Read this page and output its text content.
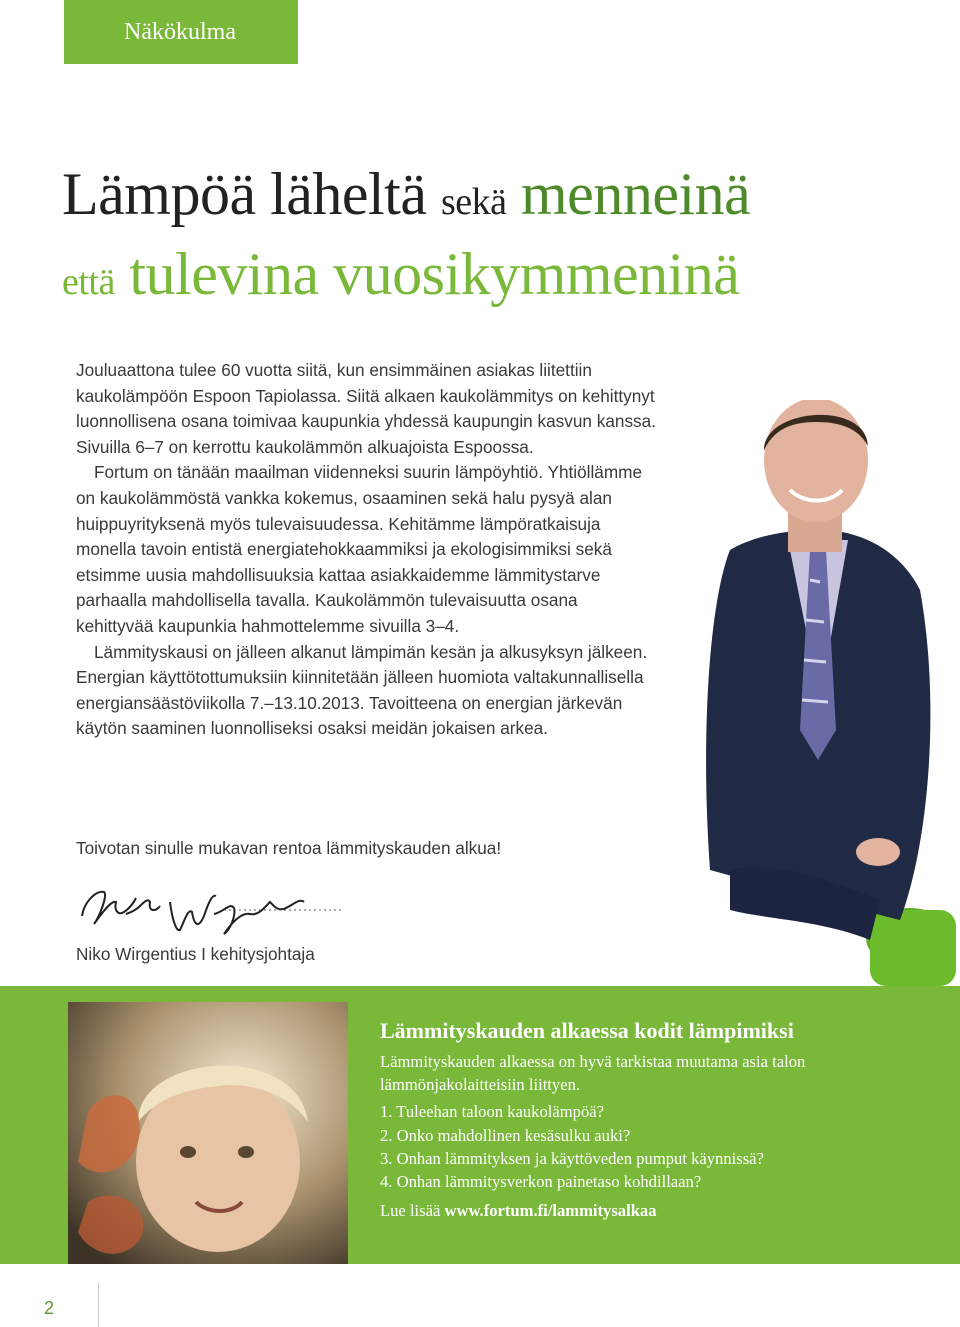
Näkökulma
Lämpöä läheltä sekä menneinä
että tulevina vuosikymmeninä

Jouluaattona tulee 60 vuotta siitä, kun ensimmäinen asiakas liitettiin kaukolämpöön Espoon Tapiolassa. Siitä alkaen kaukolämmitys on kehittynyt luonnollisena osana toimivaa kaupunkia yhdessä kaupungin kasvun kanssa. Sivuilla 6–7 on kerrottu kaukolämmön alkuajoista Espoossa.

Fortum on tänään maailman viidenneksi suurin lämpöyhtiö. Yhtiöllämme on kaukolämmöstä vankka kokemus, osaaminen sekä halu pysyä alan huippuyrityksenä myös tulevaisuudessa. Kehitämme lämpöratkaisuja monella tavoin entistä energiatehokkaammiksi ja ekologisimmiksi sekä etsimme uusia mahdollisuuksia kattaa asiakkaidemme lämmitystarve parhaalla mahdollisella tavalla. Kaukolämmön tulevaisuutta osana kehittyvää kaupunkia hahmottelemme sivuilla 3–4.

Lämmityskausi on jälleen alkanut lämpimän kesän ja alkusyksyn jälkeen. Energian käyttötottumuksiin kiinnitetään jälleen huomiota valtakunnallisella energiansäästöviikolla 7.–13.10.2013. Tavoitteena on energian järkevän käytön saaminen luonnolliseksi osaksi meidän jokaisen arkea.

Toivotan sinulle mukavan rentoa lämmityskauden alkua!
Niko Wirgentius I kehitysjohtaja
Lämmityskauden alkaessa kodit lämpimiksi

Lämmityskauden alkaessa on hyvä tarkistaa muutama asia talon lämmönjakolaitteisiin liittyen.

1. Tuleehan taloon kaukolämpöä?
2. Onko mahdollinen kesäsulku auki?
3. Onhan lämmityksen ja käyttöveden pumput käynnissä?
4. Onhan lämmitysverkon painetaso kohdillaan?

Lue lisää www.fortum.fi/lammitysalkaa

2
